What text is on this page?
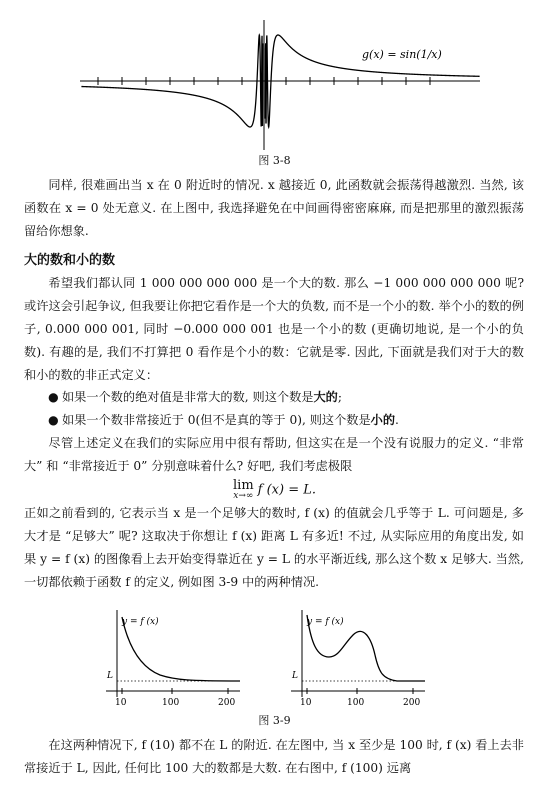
g(x) = sin(1/x)
图 3-8
同样, 很难画出当 x 在 0 附近时的情况. x 越接近 0, 此函数就会振荡得越激烈. 当然, 该函数在 x = 0 处无意义. 在上图中, 我选择避免在中间画得密密麻麻, 而是把那里的激烈振荡留给你想象.
大的数和小的数
希望我们都认同 1 000 000 000 000 是一个大的数. 那么 −1 000 000 000 000 呢? 或许这会引起争议, 但我要让你把它看作是一个大的负数, 而不是一个小的数. 举个小的数的例子, 0.000 000 001, 同时 −0.000 000 001 也是一个小的数 (更确切地说, 是一个小的负数). 有趣的是, 我们不打算把 0 看作是个小的数：它就是零. 因此, 下面就是我们对于大的数和小的数的非正式定义：
● 如果一个数的绝对值是非常大的数, 则这个数是大的;
● 如果一个数非常接近于 0(但不是真的等于 0), 则这个数是小的.
尽管上述定义在我们的实际应用中很有帮助, 但这实在是一个没有说服力的定义. “非常大” 和 “非常接近于 0” 分别意味着什么? 好吧, 我们考虑极限
lim
x→∞ f (x) = L.
正如之前看到的, 它表示当 x 是一个足够大的数时, f (x) 的值就会几乎等于 L. 可问题是, 多大才是 “足够大” 呢? 这取决于你想让 f (x) 距离 L 有多近! 不过, 从实际应用的角度出发, 如果 y = f (x) 的图像看上去开始变得靠近在 y = L 的水平渐近线, 那么这个数 x 足够大. 当然, 一切都依赖于函数 f 的定义, 例如图 3-9 中的两种情况.
y = f (x)
L
10	100	200
y = f (x)
L
10	100	200
图 3-9
在这两种情况下, f (10) 都不在 L 的附近. 在左图中, 当 x 至少是 100 时, f (x) 看上去非常接近于 L, 因此, 任何比 100 大的数都是大数. 在右图中, f (100) 远离
